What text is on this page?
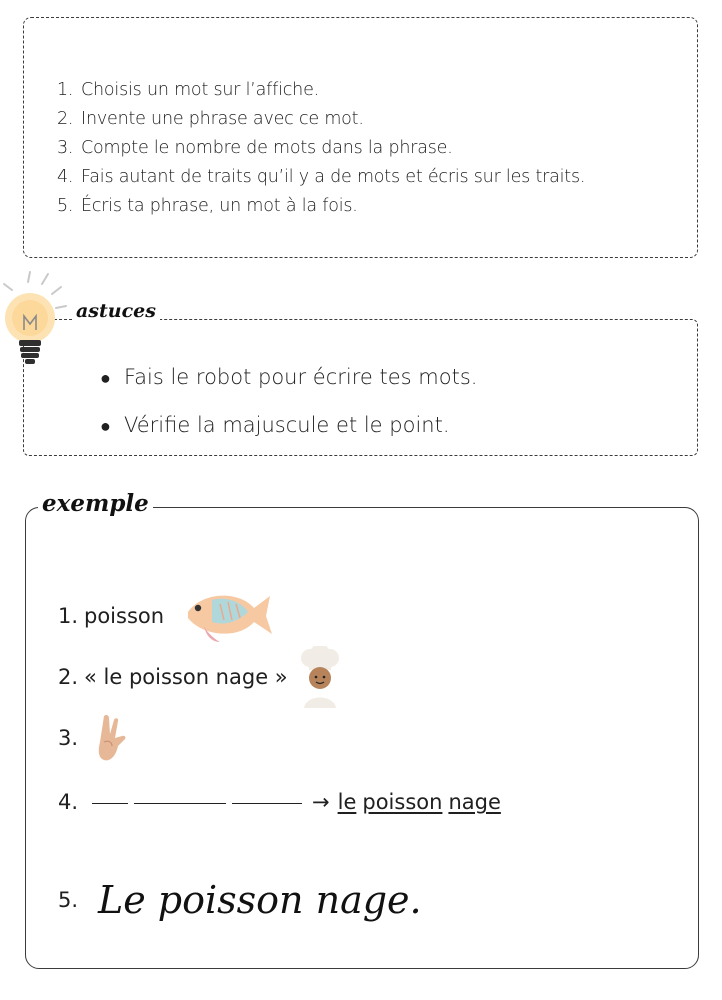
1. Choisis un mot sur l’affiche.
2. Invente une phrase avec ce mot.
3. Compte le nombre de mots dans la phrase.
4. Fais autant de traits qu’il y a de mots et écris sur les traits.
5. Écris ta phrase, un mot à la fois.
astuces
● Fais le robot pour écrire tes mots.
● Vérifie la majuscule et le point.
exemple
1. poisson
2. « le poisson nage »
3.
4.	→ le poisson nage
5. Le poisson nage.
